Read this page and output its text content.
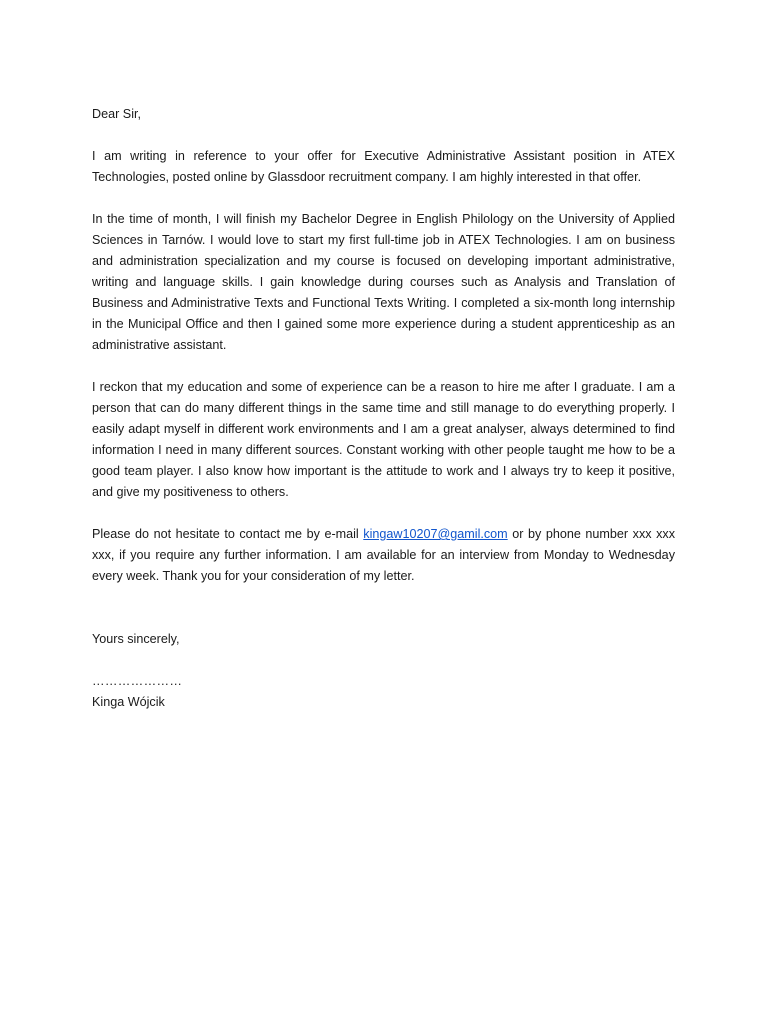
Dear Sir,

I am writing in reference to your offer for Executive Administrative Assistant position in ATEX Technologies, posted online by Glassdoor recruitment company. I am highly interested in that offer.

In the time of month, I will finish my Bachelor Degree in English Philology on the University of Applied Sciences in Tarnów. I would love to start my first full-time job in ATEX Technologies. I am on business and administration specialization and my course is focused on developing important administrative, writing and language skills. I gain knowledge during courses such as Analysis and Translation of Business and Administrative Texts and Functional Texts Writing. I completed a six-month long internship in the Municipal Office and then I gained some more experience during a student apprenticeship as an administrative assistant.

I reckon that my education and some of experience can be a reason to hire me after I graduate. I am a person that can do many different things in the same time and still manage to do everything properly. I easily adapt myself in different work environments and I am a great analyser, always determined to find information I need in many different sources. Constant working with other people taught me how to be a good team player. I also know how important is the attitude to work and I always try to keep it positive, and give my positiveness to others.

Please do not hesitate to contact me by e-mail kingaw10207@gamil.com or by phone number xxx xxx xxx, if you require any further information. I am available for an interview from Monday to Wednesday every week. Thank you for your consideration of my letter.

Yours sincerely,

…………………

Kinga Wójcik
